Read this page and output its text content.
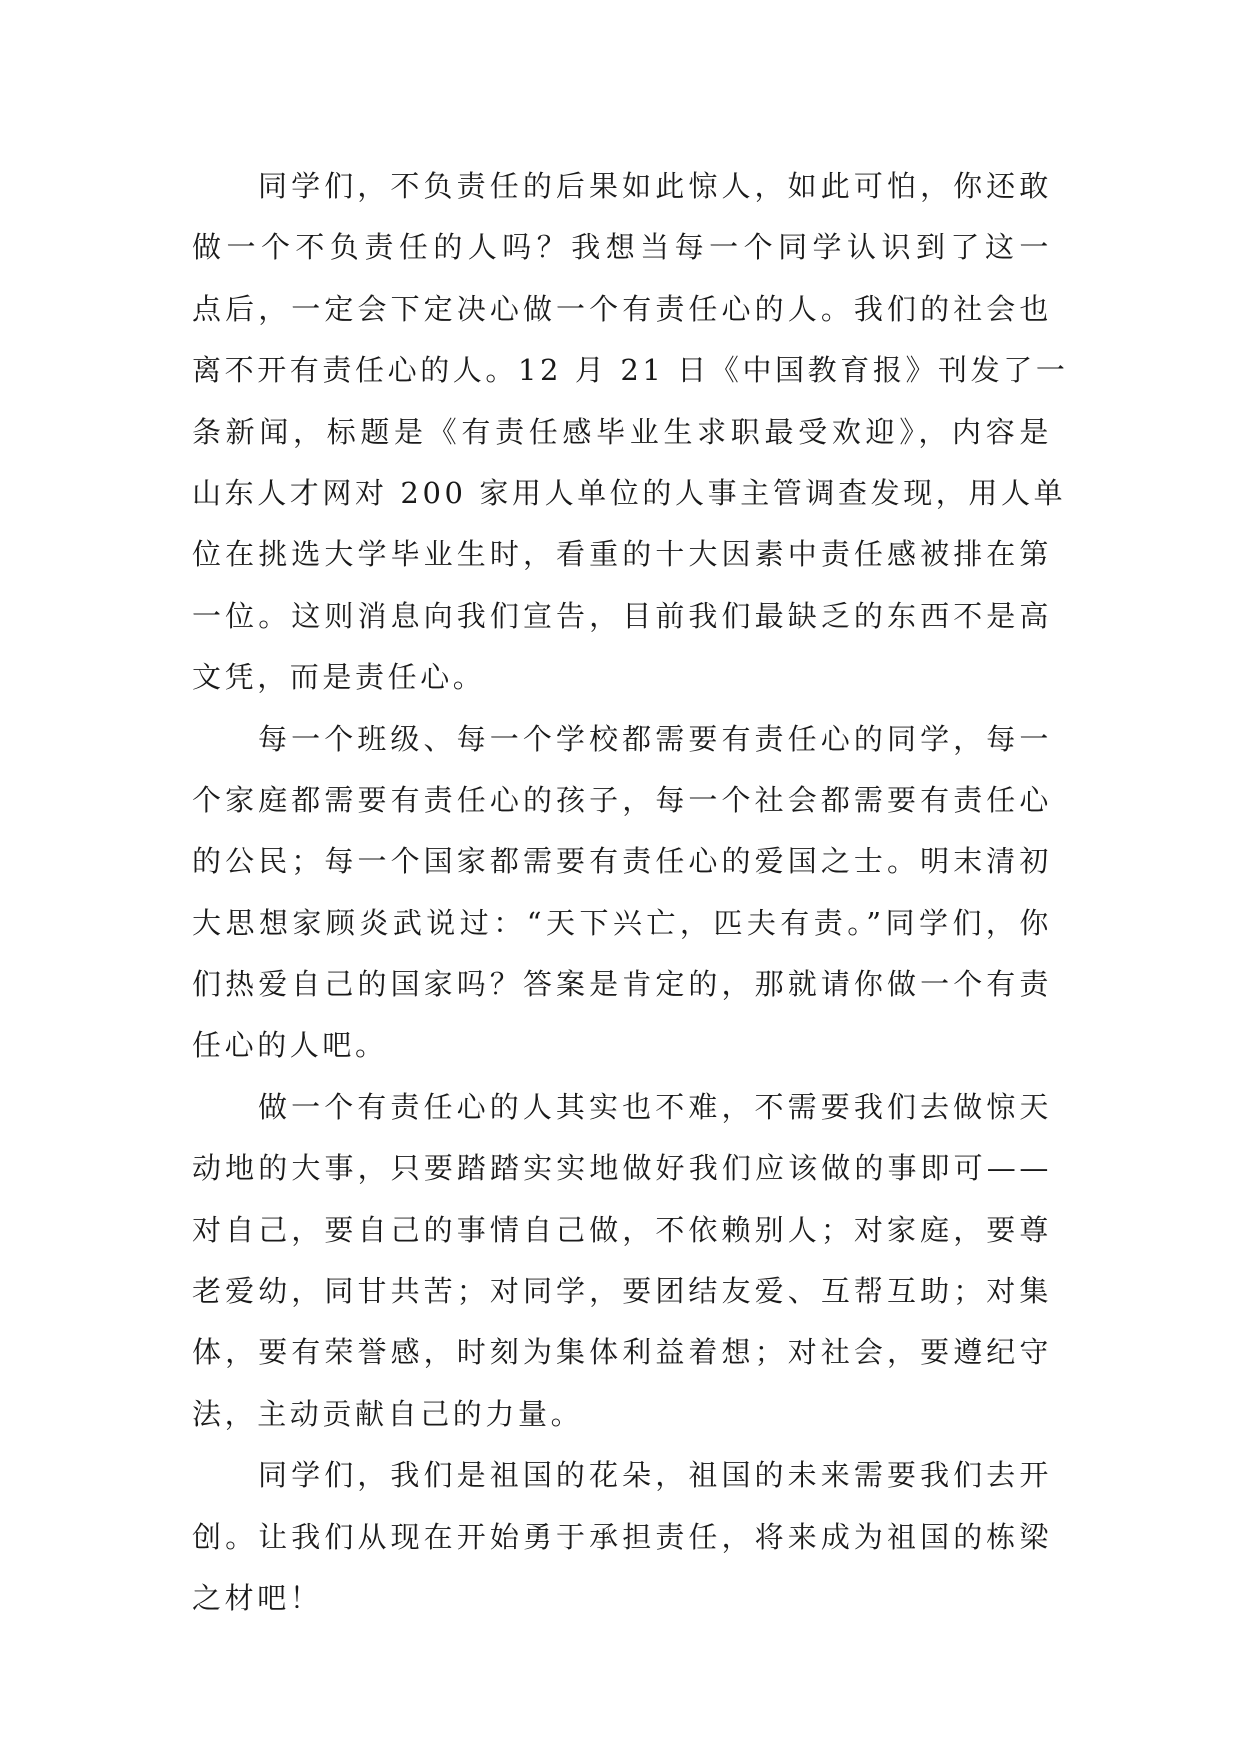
同学们，不负责任的后果如此惊人，如此可怕，你还敢
做一个不负责任的人吗？我想当每一个同学认识到了这一
点后，一定会下定决心做一个有责任心的人。我们的社会也
离不开有责任心的人。12 月 21 日《中国教育报》刊发了一
条新闻，标题是《有责任感毕业生求职最受欢迎》，内容是
山东人才网对 200 家用人单位的人事主管调查发现，用人单
位在挑选大学毕业生时，看重的十大因素中责任感被排在第
一位。这则消息向我们宣告，目前我们最缺乏的东西不是高
文凭，而是责任心。
每一个班级、每一个学校都需要有责任心的同学，每一
个家庭都需要有责任心的孩子，每一个社会都需要有责任心
的公民；每一个国家都需要有责任心的爱国之士。明末清初
大思想家顾炎武说过：“天下兴亡，匹夫有责。”同学们，你
们热爱自己的国家吗？答案是肯定的，那就请你做一个有责
任心的人吧。
做一个有责任心的人其实也不难，不需要我们去做惊天
动地的大事，只要踏踏实实地做好我们应该做的事即可——
对自己，要自己的事情自己做，不依赖别人；对家庭，要尊
老爱幼，同甘共苦；对同学，要团结友爱、互帮互助；对集
体，要有荣誉感，时刻为集体利益着想；对社会，要遵纪守
法，主动贡献自己的力量。
同学们，我们是祖国的花朵，祖国的未来需要我们去开
创。让我们从现在开始勇于承担责任，将来成为祖国的栋梁
之材吧！
